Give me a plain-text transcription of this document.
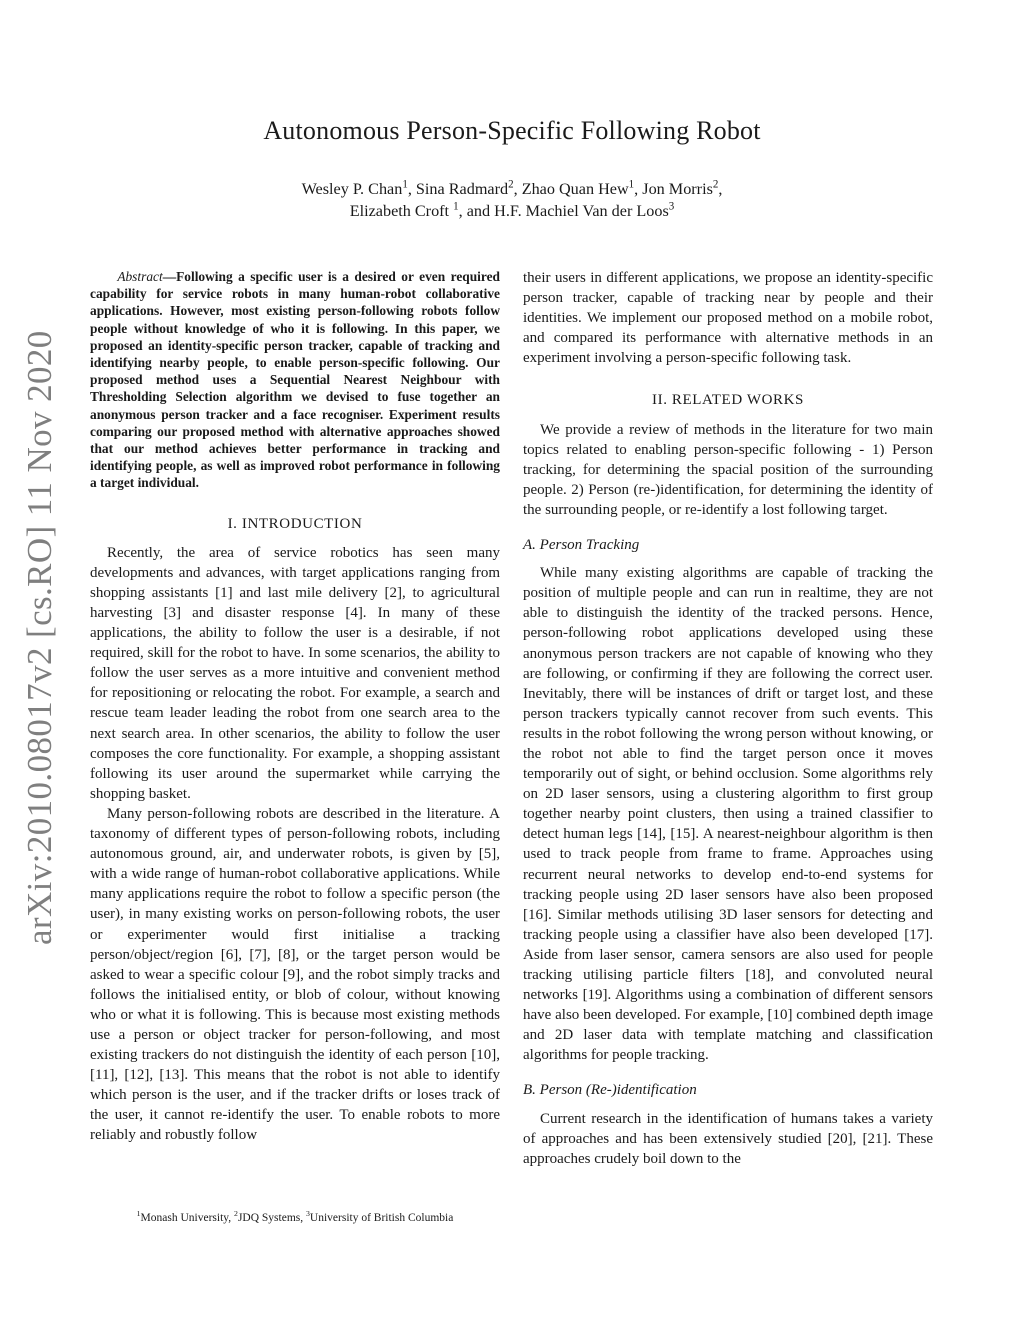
arXiv:2010.08017v2 [cs.RO] 11 Nov 2020
Autonomous Person-Specific Following Robot
Wesley P. Chan$^1$, Sina Radmard$^2$, Zhao Quan Hew$^1$, Jon Morris$^2$,
Elizabeth Croft $^1$, and H.F. Machiel Van der Loos$^3$

Abstract—Following a specific user is a desired or even required capability for service robots in many human-robot collaborative applications. However, most existing person-following robots follow people without knowledge of who it is following. In this paper, we proposed an identity-specific person tracker, capable of tracking and identifying nearby people, to enable person-specific following. Our proposed method uses a Sequential Nearest Neighbour with Thresholding Selection algorithm we devised to fuse together an anonymous person tracker and a face recogniser. Experiment results comparing our proposed method with alternative approaches showed that our method achieves better performance in tracking and identifying people, as well as improved robot performance in following a target individual.

I. INTRODUCTION

Recently, the area of service robotics has seen many developments and advances, with target applications ranging from shopping assistants [1] and last mile delivery [2], to agricultural harvesting [3] and disaster response [4]. In many of these applications, the ability to follow the user is a desirable, if not required, skill for the robot to have. In some scenarios, the ability to follow the user serves as a more intuitive and convenient method for repositioning or relocating the robot. For example, a search and rescue team leader leading the robot from one search area to the next search area. In other scenarios, the ability to follow the user composes the core functionality. For example, a shopping assistant following its user around the supermarket while carrying the shopping basket.

Many person-following robots are described in the literature. A taxonomy of different types of person-following robots, including autonomous ground, air, and underwater robots, is given by [5], with a wide range of human-robot collaborative applications. While many applications require the robot to follow a specific person (the user), in many existing works on person-following robots, the user or experimenter would first initialise a tracking person/object/region [6], [7], [8], or the target person would be asked to wear a specific colour [9], and the robot simply tracks and follows the initialised entity, or blob of colour, without knowing who or what it is following. This is because most existing methods use a person or object tracker for person-following, and most existing trackers do not distinguish the identity of each person [10], [11], [12], [13]. This means that the robot is not able to identify which person is the user, and if the tracker drifts or loses track of the user, it cannot re-identify the user. To enable robots to more reliably and robustly follow

$^1$Monash University, $^2$JDQ Systems, $^3$University of British Columbia

their users in different applications, we propose an identity-specific person tracker, capable of tracking near by people and their identities. We implement our proposed method on a mobile robot, and compared its performance with alternative methods in an experiment involving a person-specific following task.

II. RELATED WORKS

We provide a review of methods in the literature for two main topics related to enabling person-specific following - 1) Person tracking, for determining the spacial position of the surrounding people. 2) Person (re-)identification, for determining the identity of the surrounding people, or re-identify a lost following target.

A. Person Tracking

While many existing algorithms are capable of tracking the position of multiple people and can run in realtime, they are not able to distinguish the identity of the tracked persons. Hence, person-following robot applications developed using these anonymous person trackers are not capable of knowing who they are following, or confirming if they are following the correct user. Inevitably, there will be instances of drift or target lost, and these person trackers typically cannot recover from such events. This results in the robot following the wrong person without knowing, or the robot not able to find the target person once it moves temporarily out of sight, or behind occlusion. Some algorithms rely on 2D laser sensors, using a clustering algorithm to first group together nearby point clusters, then using a trained classifier to detect human legs [14], [15]. A nearest-neighbour algorithm is then used to track people from frame to frame. Approaches using recurrent neural networks to develop end-to-end systems for tracking people using 2D laser sensors have also been proposed [16]. Similar methods utilising 3D laser sensors for detecting and tracking people using a classifier have also been developed [17]. Aside from laser sensor, camera sensors are also used for people tracking utilising particle filters [18], and convoluted neural networks [19]. Algorithms using a combination of different sensors have also been developed. For example, [10] combined depth image and 2D laser data with template matching and classification algorithms for people tracking.

B. Person (Re-)identification

Current research in the identification of humans takes a variety of approaches and has been extensively studied [20], [21]. These approaches crudely boil down to the
